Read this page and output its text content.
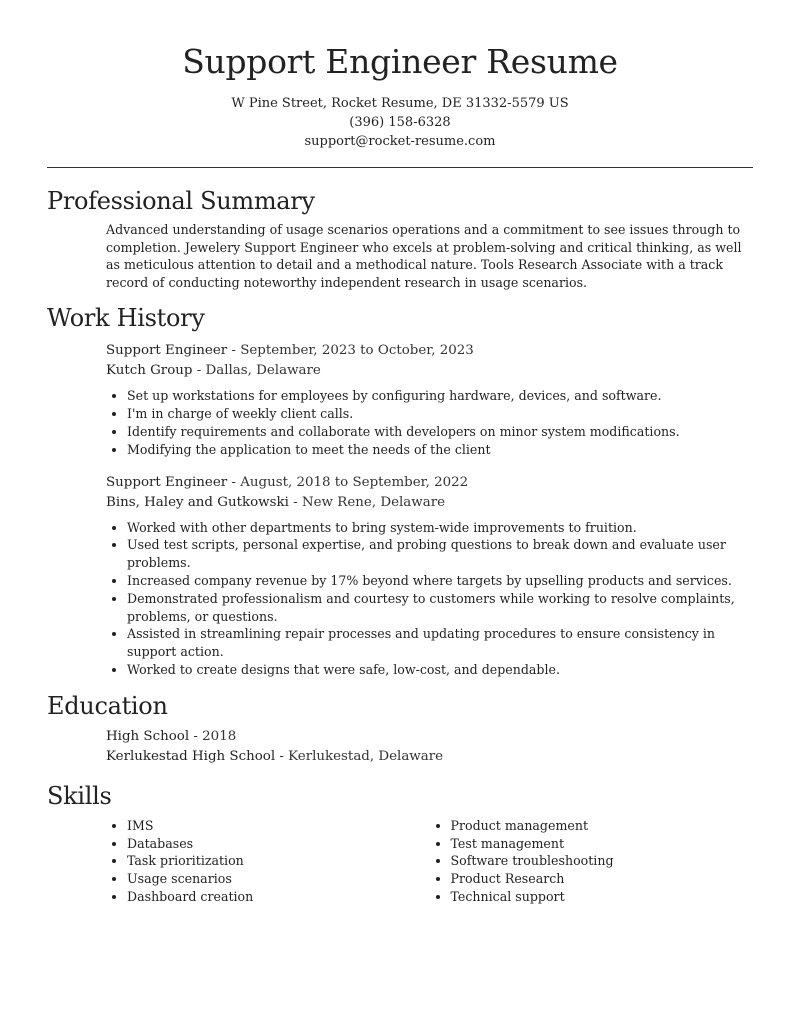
Support Engineer Resume
W Pine Street, Rocket Resume, DE 31332-5579 US
(396) 158-6328
support@rocket-resume.com
Professional Summary
Advanced understanding of usage scenarios operations and a commitment to see issues through to completion. Jewelery Support Engineer who excels at problem-solving and critical thinking, as well as meticulous attention to detail and a methodical nature. Tools Research Associate with a track record of conducting noteworthy independent research in usage scenarios.
Work History
Support Engineer - September, 2023 to October, 2023
Kutch Group - Dallas, Delaware
• Set up workstations for employees by configuring hardware, devices, and software.
• I'm in charge of weekly client calls.
• Identify requirements and collaborate with developers on minor system modifications.
• Modifying the application to meet the needs of the client
Support Engineer - August, 2018 to September, 2022
Bins, Haley and Gutkowski - New Rene, Delaware
• Worked with other departments to bring system-wide improvements to fruition.
• Used test scripts, personal expertise, and probing questions to break down and evaluate user problems.
• Increased company revenue by 17% beyond where targets by upselling products and services.
• Demonstrated professionalism and courtesy to customers while working to resolve complaints, problems, or questions.
• Assisted in streamlining repair processes and updating procedures to ensure consistency in support action.
• Worked to create designs that were safe, low-cost, and dependable.
Education
High School - 2018
Kerlukestad High School - Kerlukestad, Delaware
Skills
• IMS
• Databases
• Task prioritization
• Usage scenarios
• Dashboard creation
• Product management
• Test management
• Software troubleshooting
• Product Research
• Technical support
